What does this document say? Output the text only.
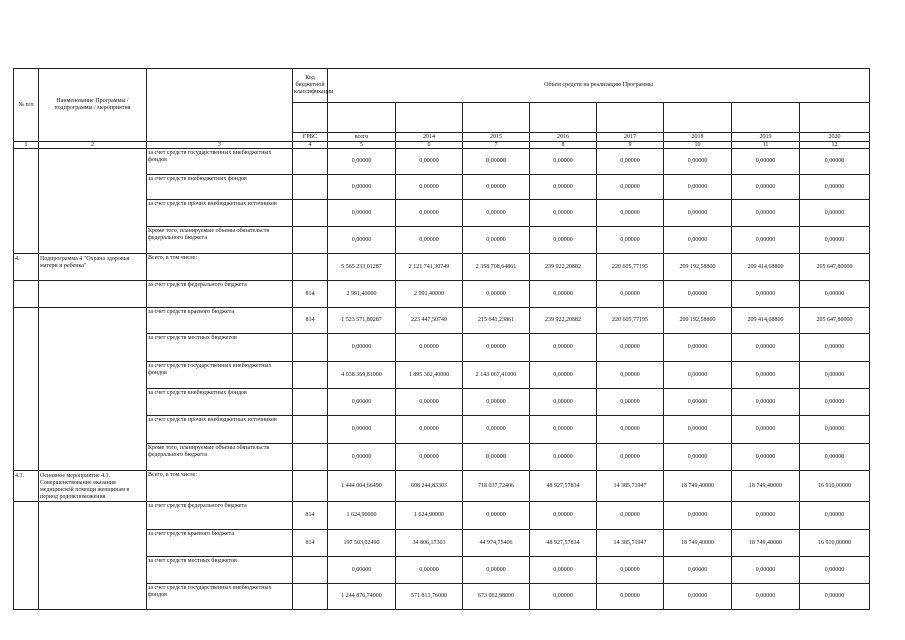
№ п/п	Наименование Программы / подпрограммы / мероприятия		Код бюджетной классификации	Объем средств на реализацию Программы							

			ГРБС	всего	2014	2015	2016	2017	2018	2019	2020
1	2	3	4	5	6	7	8	9	10	11	12
		за счет средств государственных внебюджетных фондов		0,00000	0,00000	0,00000	0,00000	0,00000	0,00000	0,00000	0,00000
		за счет средств внебюджетных фондов		0,00000	0,00000	0,00000	0,00000	0,00000	0,00000	0,00000	0,00000
		за счет средств прочих внебюджетных источников		0,00000	0,00000	0,00000	0,00000	0,00000	0,00000	0,00000	0,00000
		Кроме того, планируемые объемы обязательств федерального бюджета		0,00000	0,00000	0,00000	0,00000	0,00000	0,00000	0,00000	0,00000
4.	Подпрограмма 4 "Охрана здоровья матери и ребенка"	Всего, в том числе:		5 565 233,01287	2 121 741,30749	2 358 708,64861	239 922,20882	220 605,77195	209 192,58800	209 414,68800	205 647,80000
		за счет средств федерального бюджета	814	2 991,40000	2 991,40000	0,00000	0,00000	0,00000	0,00000	0,00000	0,00000
		за счет средств краевого бюджета	814	1 523 571,80287	223 447,50749	215 641,23861	239 922,20882	220 605,77195	209 192,58800	209 414,68800	205 647,80000
		за счет средств местных бюджетов		0,00000	0,00000	0,00000	0,00000	0,00000	0,00000	0,00000	0,00000
		за счет средств государственных внебюджетных фондов		4 038 369,81000	1 895 302,40000	2 143 067,41000	0,00000	0,00000	0,00000	0,00000	0,00000
		за счет средств внебюджетных фондов		0,00000	0,00000	0,00000	0,00000	0,00000	0,00000	0,00000	0,00000
		за счет средств прочих внебюджетных источников		0,00000	0,00000	0,00000	0,00000	0,00000	0,00000	0,00000	0,00000
		Кроме того, планируемые объемы обязательств федерального бюджета		0,00000	0,00000	0,00000	0,00000	0,00000	0,00000	0,00000	0,00000
4.1.	Основное мероприятие 4.1. Совершенствование оказания медицинской помощи женщинам в период родовспоможения	Всего, в том числе:		1 444 004,66490	608 244,83303	718 037,72406	48 927,57834	14 385,71947	18 749,40000	18 749,40000	16 910,00000
		за счет средств федерального бюджета	814	1 624,90000	1 624,90000	0,00000	0,00000	0,00000	0,00000	0,00000	0,00000
		за счет средств краевого бюджета	814	197 503,02490	34 806,17303	44 974,75406	48 927,57834	14 385,71947	18 749,40000	18 749,40000	16 910,00000
		за счет средств местных бюджетов		0,00000	0,00000	0,00000	0,00000	0,00000	0,00000	0,00000	0,00000
		за счет средств государственных внебюджетных фондов		1 244 876,74000	571 813,76000	673 062,98000	0,00000	0,00000	0,00000	0,00000	0,00000
